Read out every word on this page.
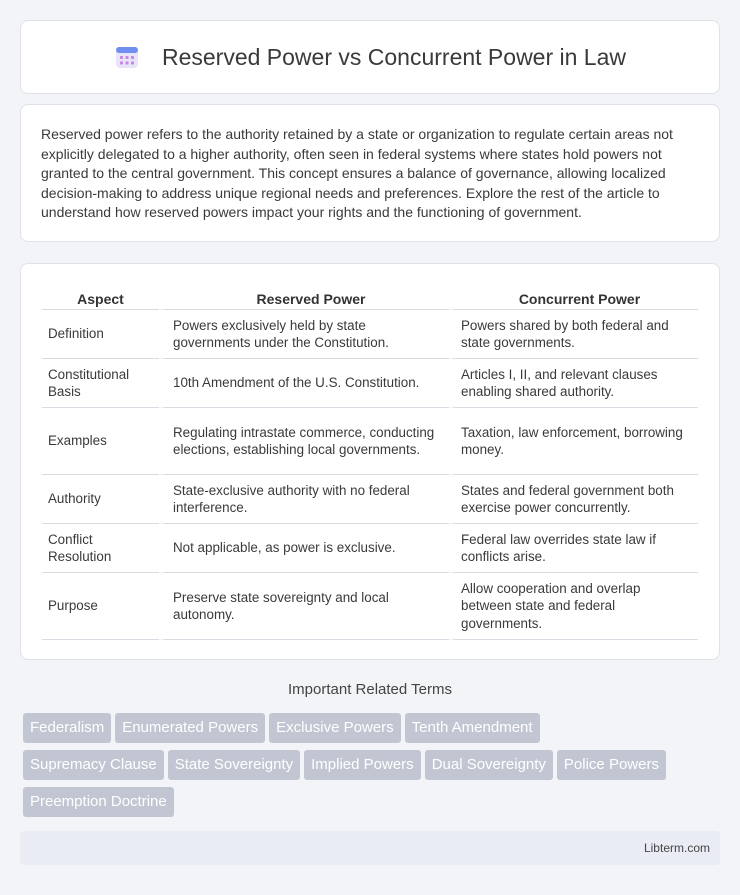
Reserved Power vs Concurrent Power in Law

Reserved power refers to the authority retained by a state or organization to regulate certain areas not explicitly delegated to a higher authority, often seen in federal systems where states hold powers not granted to the central government. This concept ensures a balance of governance, allowing localized decision-making to address unique regional needs and preferences. Explore the rest of the article to understand how reserved powers impact your rights and the functioning of government.

Aspect	Reserved Power	Concurrent Power
Definition	Powers exclusively held by state governments under the Constitution.	Powers shared by both federal and state governments.
Constitutional Basis	10th Amendment of the U.S. Constitution.	Articles I, II, and relevant clauses enabling shared authority.
Examples	Regulating intrastate commerce, conducting elections, establishing local governments.	Taxation, law enforcement, borrowing money.
Authority	State-exclusive authority with no federal interference.	States and federal government both exercise power concurrently.
Conflict Resolution	Not applicable, as power is exclusive.	Federal law overrides state law if conflicts arise.
Purpose	Preserve state sovereignty and local autonomy.	Allow cooperation and overlap between state and federal governments.
Important Related Terms
Federalism Enumerated Powers Exclusive Powers Tenth Amendment
Supremacy Clause State Sovereignty Implied Powers Dual Sovereignty Police Powers
Preemption Doctrine
Libterm.com
